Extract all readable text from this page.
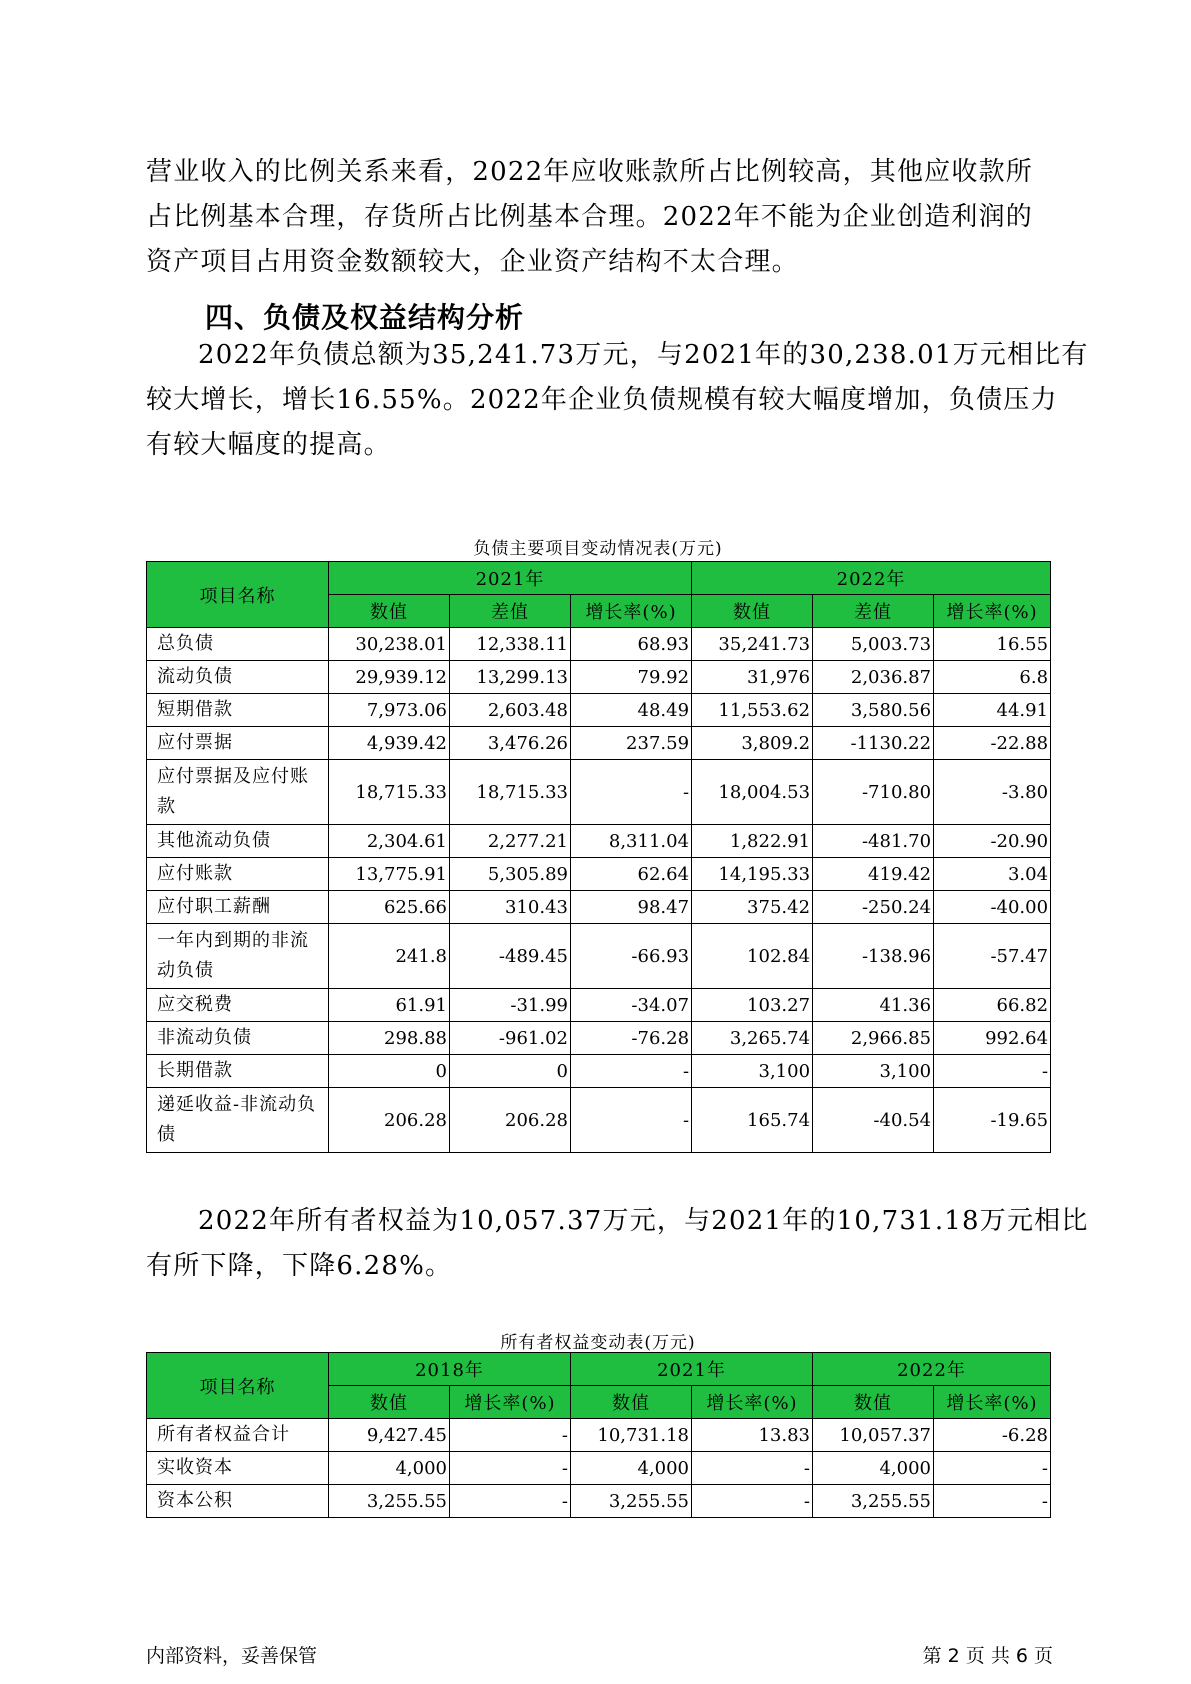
营业收入的比例关系来看，2022年应收账款所占比例较高，其他应收款所
占比例基本合理，存货所占比例基本合理。2022年不能为企业创造利润的
资产项目占用资金数额较大，企业资产结构不太合理。
四、负债及权益结构分析
2022年负债总额为35,241.73万元，与2021年的30,238.01万元相比有
较大增长，增长16.55%。2022年企业负债规模有较大幅度增加，负债压力
有较大幅度的提高。
负债主要项目变动情况表(万元)
项目名称	2021年			2022年		
	数值	差值	增长率(%)	数值	差值	增长率(%)
总负债	30,238.01	12,338.11	68.93	35,241.73	5,003.73	16.55
流动负债	29,939.12	13,299.13	79.92	31,976	2,036.87	6.8
短期借款	7,973.06	2,603.48	48.49	11,553.62	3,580.56	44.91
应付票据	4,939.42	3,476.26	237.59	3,809.2	-1130.22	-22.88
应付票据及应付账款	18,715.33	18,715.33	-	18,004.53	-710.80	-3.80
其他流动负债	2,304.61	2,277.21	8,311.04	1,822.91	-481.70	-20.90
应付账款	13,775.91	5,305.89	62.64	14,195.33	419.42	3.04
应付职工薪酬	625.66	310.43	98.47	375.42	-250.24	-40.00
一年内到期的非流动负债	241.8	-489.45	-66.93	102.84	-138.96	-57.47
应交税费	61.91	-31.99	-34.07	103.27	41.36	66.82
非流动负债	298.88	-961.02	-76.28	3,265.74	2,966.85	992.64
长期借款	0	0	-	3,100	3,100	-
递延收益-非流动负债	206.28	206.28	-	165.74	-40.54	-19.65
2022年所有者权益为10,057.37万元，与2021年的10,731.18万元相比
有所下降，下降6.28%。
所有者权益变动表(万元)
项目名称	2018年		2021年		2022年	
	数值	增长率(%)	数值	增长率(%)	数值	增长率(%)
所有者权益合计	9,427.45	-	10,731.18	13.83	10,057.37	-6.28
实收资本	4,000	-	4,000	-	4,000	-
资本公积	3,255.55	-	3,255.55	-	3,255.55	-
内部资料，妥善保管	第 2 页 共 6 页
